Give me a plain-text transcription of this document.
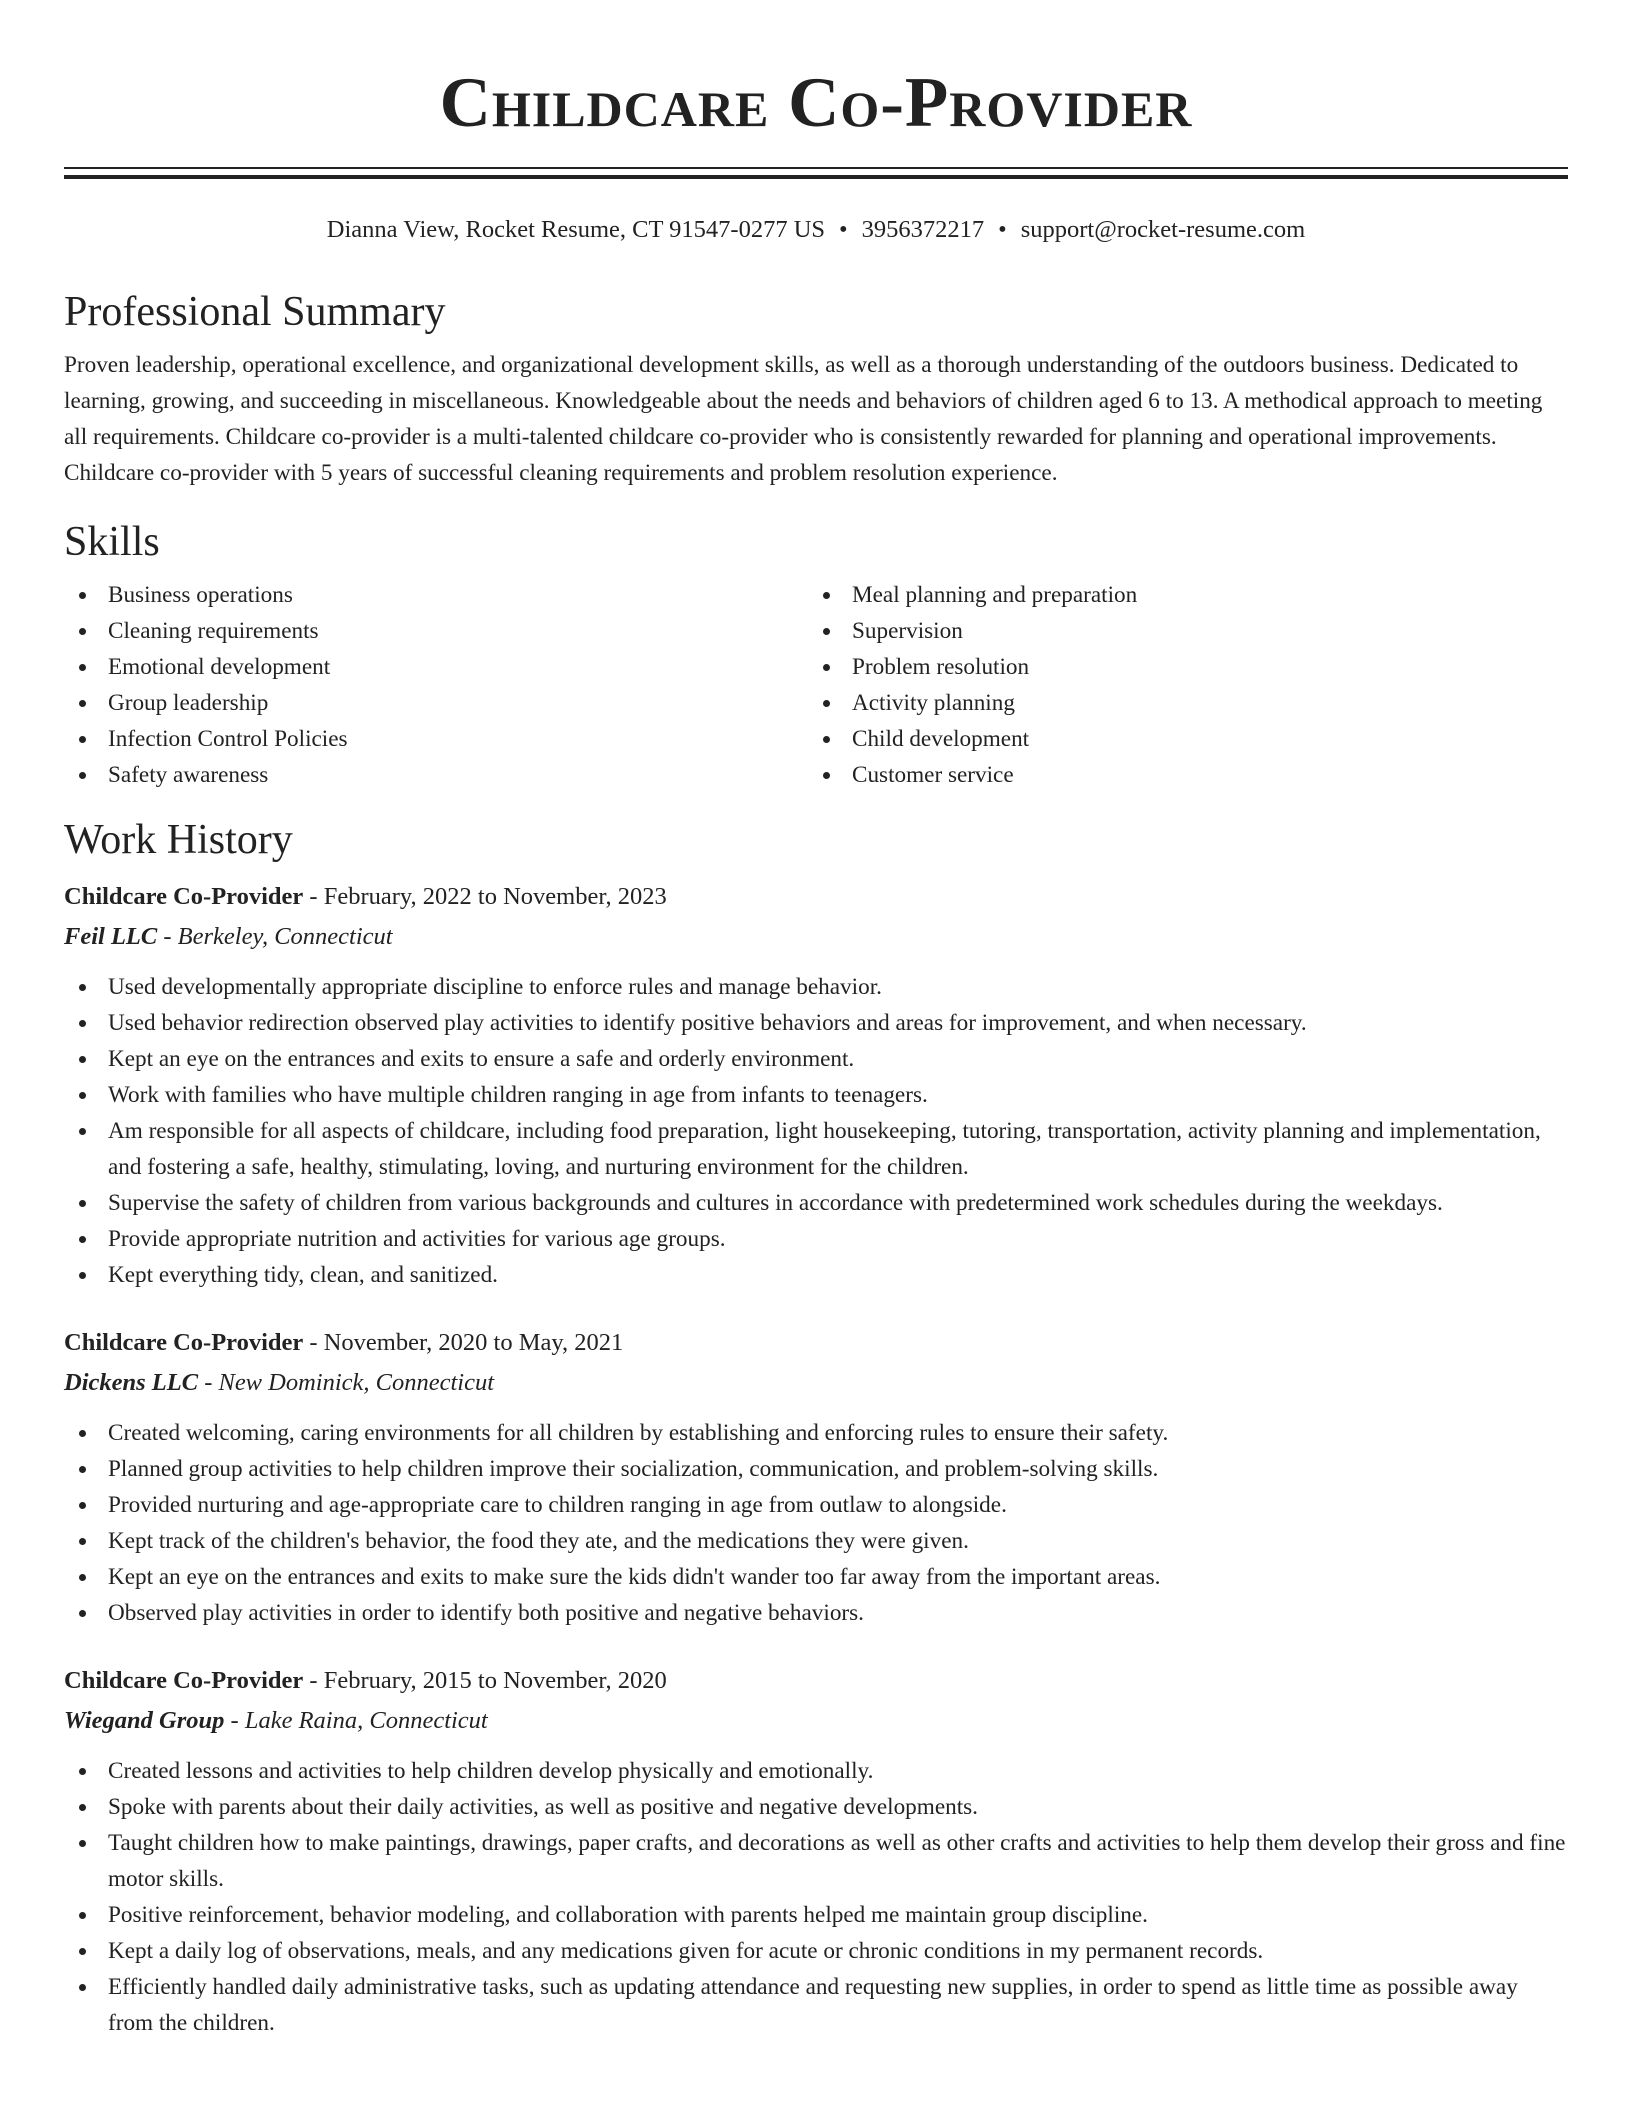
Childcare Co-Provider
Dianna View, Rocket Resume, CT 91547-0277 US • 3956372217 • support@rocket-resume.com
Professional Summary

Proven leadership, operational excellence, and organizational development skills, as well as a thorough understanding of the outdoors business. Dedicated to learning, growing, and succeeding in miscellaneous. Knowledgeable about the needs and behaviors of children aged 6 to 13. A methodical approach to meeting all requirements. Childcare co-provider is a multi-talented childcare co-provider who is consistently rewarded for planning and operational improvements. Childcare co-provider with 5 years of successful cleaning requirements and problem resolution experience.

Skills
Business operations
Cleaning requirements
Emotional development
Group leadership
Infection Control Policies
Safety awareness
Meal planning and preparation
Supervision
Problem resolution
Activity planning
Child development
Customer service
Work History
Childcare Co-Provider - February, 2022 to November, 2023
Feil LLC - Berkeley, Connecticut
Used developmentally appropriate discipline to enforce rules and manage behavior.
Used behavior redirection observed play activities to identify positive behaviors and areas for improvement, and when necessary.
Kept an eye on the entrances and exits to ensure a safe and orderly environment.
Work with families who have multiple children ranging in age from infants to teenagers.
Am responsible for all aspects of childcare, including food preparation, light housekeeping, tutoring, transportation, activity planning and implementation, and fostering a safe, healthy, stimulating, loving, and nurturing environment for the children.
Supervise the safety of children from various backgrounds and cultures in accordance with predetermined work schedules during the weekdays.
Provide appropriate nutrition and activities for various age groups.
Kept everything tidy, clean, and sanitized.
Childcare Co-Provider - November, 2020 to May, 2021
Dickens LLC - New Dominick, Connecticut
Created welcoming, caring environments for all children by establishing and enforcing rules to ensure their safety.
Planned group activities to help children improve their socialization, communication, and problem-solving skills.
Provided nurturing and age-appropriate care to children ranging in age from outlaw to alongside.
Kept track of the children's behavior, the food they ate, and the medications they were given.
Kept an eye on the entrances and exits to make sure the kids didn't wander too far away from the important areas.
Observed play activities in order to identify both positive and negative behaviors.
Childcare Co-Provider - February, 2015 to November, 2020
Wiegand Group - Lake Raina, Connecticut
Created lessons and activities to help children develop physically and emotionally.
Spoke with parents about their daily activities, as well as positive and negative developments.
Taught children how to make paintings, drawings, paper crafts, and decorations as well as other crafts and activities to help them develop their gross and fine motor skills.
Positive reinforcement, behavior modeling, and collaboration with parents helped me maintain group discipline.
Kept a daily log of observations, meals, and any medications given for acute or chronic conditions in my permanent records.
Efficiently handled daily administrative tasks, such as updating attendance and requesting new supplies, in order to spend as little time as possible away from the children.
